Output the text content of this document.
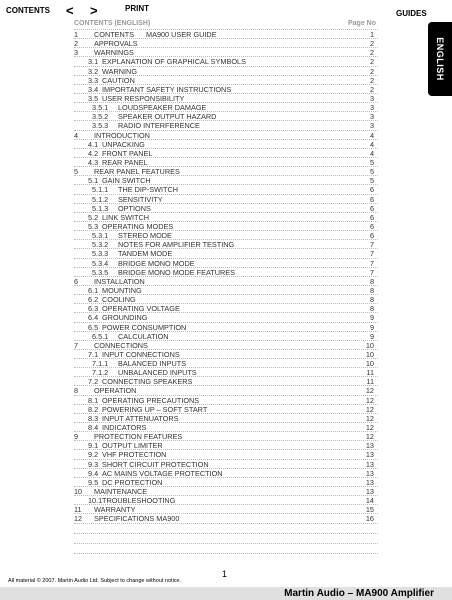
CONTENTS < >	PRINT
GUIDES
ENGLISH
CONTENTS (ENGLISH)	Page No
1 CONTENTS MA900 USER GUIDE	1
2 APPROVALS	2
3 WARNINGS	2
3.1 EXPLANATION OF GRAPHICAL SYMBOLS	2
3.2 WARNING	2
3.3 CAUTION	2
3.4 IMPORTANT SAFETY INSTRUCTIONS	2
3.5 USER RESPONSIBILITY	3
3.5.1 LOUDSPEAKER DAMAGE	3
3.5.2 SPEAKER OUTPUT HAZARD	3
3.5.3 RADIO INTERFERENCE	3
4 INTRODUCTION	4
4.1 UNPACKING	4
4.2 FRONT PANEL	4
4.3 REAR PANEL	5
5 REAR PANEL FEATURES	5
5.1 GAIN SWITCH	5
5.1.1 THE DIP-SWITCH	6
5.1.2 SENSITIVITY	6
5.1.3 OPTIONS	6
5.2 LINK SWITCH	6
5.3 OPERATING MODES	6
5.3.1 STEREO MODE	6
5.3.2 NOTES FOR AMPLIFIER TESTING	7
5.3.3 TANDEM MODE	7
5.3.4 BRIDGE MONO MODE	7
5.3.5 BRIDGE MONO MODE FEATURES	7
6 INSTALLATION	8
6.1 MOUNTING	8
6.2 COOLING	8
6.3 OPERATING VOLTAGE	8
6.4 GROUNDING	9
6.5 POWER CONSUMPTION	9
6.5.1 CALCULATION	9
7 CONNECTIONS	10
7.1 INPUT CONNECTIONS	10
7.1.1 BALANCED INPUTS	10
7.1.2 UNBALANCED INPUTS	11
7.2 CONNECTING SPEAKERS	11
8 OPERATION	12
8.1 OPERATING PRECAUTIONS	12
8.2 POWERING UP – SOFT START	12
8.3 INPUT ATTENUATORS	12
8.4 INDICATORS	12
9 PROTECTION FEATURES	12
9.1 OUTPUT LIMITER	13
9.2 VHF PROTECTION	13
9.3 SHORT CIRCUIT PROTECTION	13
9.4 AC MAINS VOLTAGE PROTECTION	13
9.5 DC PROTECTION	13
10 MAINTENANCE	13
10.1 TROUBLESHOOTING	14
11 WARRANTY	15
12 SPECIFICATIONS MA900	16
1
All material © 2007. Martin Audio Ltd. Subject to change without notice.
Martin Audio – MA900 Amplifier
